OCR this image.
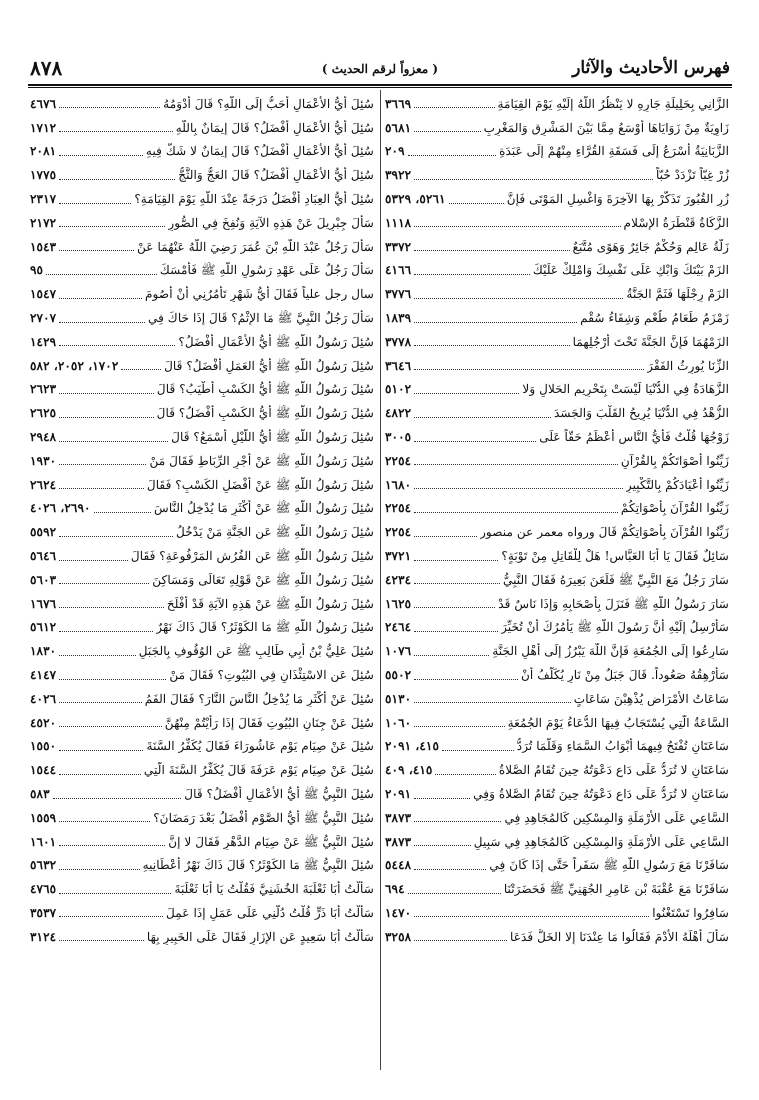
فهرس الأحاديث والآثار
( معزواً لرقم الحديث )
٨٧٨
الزَّانِي بِحَلِيلَةِ جَارِهِ لا يَنْظُرُ اللَّهُ إِلَيْهِ يَوْمَ القِيَامَةِ
٣٦٦٩
زَاوِيَةٌ مِنْ زَوَايَاهَا أَوْسَعُ مِمَّا بَيْنَ المَشْرِقِ وَالمَغْرِبِ
٥٦٨١
الزَّبَانِيَةُ أَسْرَعُ إِلَى فَسَقَةِ القُرَّاءِ مِنْهُمْ إِلَى عَبَدَةِ
٢٠٩
زُرْ غِبّاً تَزْدَدْ حُبّاً
٣٩٢٢
زُرِ القُبُورَ تَذَكَّرْ بِهَا الآخِرَةَ وَاغْسِلِ المَوْتَى فَإِنَّ
٥٢٦١، ٥٣٢٩
الزَّكَاةُ قَنْطَرَةُ الإِسْلامِ
١١١٨
زَلَّةُ عَالِمٍ وَحُكْمٌ جَائِرٌ وَهَوًى مُتَّبَعٌ
٣٣٧٢
الزَمْ بَيْتَكَ وَابْكِ عَلَى نَفْسِكَ وَامْلِكْ عَلَيْكَ
٤١٦٦
الزَمْ رِجْلَهَا فَثَمَّ الجَنَّةُ
٣٧٧٦
زَمْزَمُ طَعَامُ طُعْمٍ وَشِفَاءُ سُقْمٍ
١٨٣٩
الزَمْهُمَا فَإِنَّ الجَنَّةَ تَحْتَ أَرْجُلِهِمَا
٣٧٧٨
الزِّنَا يُورِثُ الفَقْرَ
٣٦٤٦
الزَّهَادَةُ فِي الدُّنْيَا لَيْسَتْ بِتَحْرِيمِ الحَلالِ وَلا
٥١٠٢
الزُّهْدُ فِي الدُّنْيَا يُرِيحُ القَلْبَ وَالجَسَدَ
٤٨٢٢
زَوْجُهَا قُلْتُ فَأَيُّ النَّاسِ أَعْظَمُ حَقّاً عَلَى
٣٠٠٥
زَيِّنُوا أَصْوَاتَكُمْ بِالقُرْآنِ
٢٢٥٤
زَيِّنُوا أَعْيَادَكُمْ بِالتَّكْبِيرِ
١٦٨٠
زَيِّنُوا القُرْآنَ بِأَصْوَاتِكُمْ
٢٢٥٤
زَيِّنُوا القُرْآنَ بِأَصْوَاتِكُمْ قَالَ ورواه معمر عن منصور
٢٢٥٤
سَائِلٌ فَقَالَ يَا أَبَا العَبَّاسِ! هَلْ لِلْقَاتِلِ مِنْ تَوْبَةٍ؟
٣٧٢١
سَارَ رَجُلٌ مَعَ النَّبِيِّ ﷺ فَلَعَنَ بَعِيرَهُ فَقَالَ النَّبِيُّ
٤٢٣٤
سَارَ رَسُولُ اللَّهِ ﷺ فَنَزَلَ بِأَصْحَابِهِ وَإِذَا نَاسٌ قَدْ
١٦٢٥
سَأَرْسِلُ إِلَيْهِ أَنَّ رَسُولَ اللَّهِ ﷺ يَأْمُرُكَ أَنْ تُخَيِّرَ
٢٤٦٤
سَارِعُوا إِلَى الجُمُعَةِ فَإِنَّ اللَّهَ يَبْرُزُ إِلَى أَهْلِ الجَنَّةِ
١٠٧٦
سَأُرْهِقُهُ صَعُوداً. قَالَ جَبَلٌ مِنْ نَارٍ يُكَلَّفُ أَنْ
٥٥٠٢
سَاعَاتُ الأَمْرَاضِ يُذْهِبْنَ سَاعَاتٍ
٥١٣٠
السَّاعَةُ الَّتِي يُسْتَجَابُ فِيهَا الدُّعَاءُ يَوْمَ الجُمُعَةِ
١٠٦٠
سَاعَتَانِ تُفْتَحُ فِيهِمَا أَبْوَابُ السَّمَاءِ وَقَلَّمَا تُرَدُّ
٤١٥، ٢٠٩١
سَاعَتَانِ لا تُرَدُّ عَلَى دَاعٍ دَعْوَتُهُ حِينَ تُقَامُ الصَّلاةُ
٤١٥، ٤٠٩
سَاعَتَانِ لا تُرَدُّ عَلَى دَاعٍ دَعْوَتُهُ حِينَ تُقَامُ الصَّلاةُ وَفِي
٢٠٩١
السَّاعِي عَلَى الأَرْمَلَةِ وَالمِسْكِينِ كَالمُجَاهِدِ فِي
٣٨٧٣
السَّاعِي عَلَى الأَرْمَلَةِ وَالمِسْكِينِ كَالمُجَاهِدِ فِي سَبِيلِ
٣٨٧٣
سَافَرْنَا مَعَ رَسُولِ اللَّهِ ﷺ سَفَراً حَتَّى إِذَا كَانَ فِي
٥٤٤٨
سَافَرْنَا مَعَ عُقْبَةَ بْنِ عَامِرٍ الجُهَنِيِّ ﷺ فَحَضَرَتْنَا
٦٩٤
سَافِرُوا تَسْتَغْنُوا
١٤٧٠
سَأَلَ أَهْلَهُ الأُدْمَ فَقَالُوا مَا عِنْدَنَا إِلا الخَلُّ فَدَعَا
٣٢٥٨
سُئِلَ أَيُّ الأَعْمَالِ أَحَبُّ إِلَى اللَّهِ؟ قَالَ أَدْوَمُهُ
٤٦٧٦
سُئِلَ أَيُّ الأَعْمَالِ أَفْضَلُ؟ قَالَ إِيمَانٌ بِاللَّهِ
١٧١٢
سُئِلَ أَيُّ الأَعْمَالِ أَفْضَلُ؟ قَالَ إِيمَانٌ لا شَكَّ فِيهِ
٢٠٨١
سُئِلَ أَيُّ الأَعْمَالِ أَفْضَلُ؟ قَالَ العَجُّ وَالثَّجُّ
١٧٧٥
سُئِلَ أَيُّ العِبَادِ أَفْضَلُ دَرَجَةً عِنْدَ اللَّهِ يَوْمَ القِيَامَةِ؟
٢٣١٧
سَأَلَ جِبْرِيلَ عَنْ هَذِهِ الآيَةِ وَنُفِخَ فِي الصُّورِ
٢١٧٢
سَأَلَ رَجُلٌ عَبْدَ اللَّهِ بْنَ عُمَرَ رَضِيَ اللَّهُ عَنْهُمَا عَنْ
١٥٤٣
سَأَلَ رَجُلٌ عَلَى عَهْدِ رَسُولِ اللَّهِ ﷺ فَأَمْسَكَ
٩٥
سال رجل علياً فَقَالَ أَيُّ شَهْرٍ تَأْمُرُنِي أَنْ أَصُومَ
١٥٤٧
سَأَلَ رَجُلٌ النَّبِيَّ ﷺ مَا الإِثْمُ؟ قَالَ إِذَا حَاكَ فِي
٢٧٠٧
سُئِلَ رَسُولُ اللَّهِ ﷺ أَيُّ الأَعْمَالِ أَفْضَلُ؟
١٤٢٩
سُئِلَ رَسُولُ اللَّهِ ﷺ أَيُّ العَمَلِ أَفْضَلُ؟ قَالَ
١٧٠٢، ٢٠٥٢، ٥٨٢
سُئِلَ رَسُولُ اللَّهِ ﷺ أَيُّ الكَسْبِ أَطْيَبُ؟ قَالَ
٢٦٢٣
سُئِلَ رَسُولُ اللَّهِ ﷺ أَيُّ الكَسْبِ أَفْضَلُ؟ قَالَ
٢٦٢٥
سُئِلَ رَسُولُ اللَّهِ ﷺ أَيُّ اللَّيْلِ أَسْمَعُ؟ قَالَ
٢٩٤٨
سُئِلَ رَسُولُ اللَّهِ ﷺ عَنْ أَجْرِ الرِّبَاطِ فَقَالَ مَنْ
١٩٣٠
سُئِلَ رَسُولُ اللَّهِ ﷺ عَنْ أَفْضَلِ الكَسْبِ؟ فَقَالَ
٢٦٢٤
سُئِلَ رَسُولُ اللَّهِ ﷺ عَنْ أَكْثَرِ مَا يُدْخِلُ النَّاسَ
٢٦٩٠، ٤٠٢٦
سُئِلَ رَسُولُ اللَّهِ ﷺ عَنِ الجَنَّةِ مَنْ يَدْخُلُ
٥٥٩٢
سُئِلَ رَسُولُ اللَّهِ ﷺ عَنِ الفُرُشِ المَرْفُوعَةِ؟ فَقَالَ
٥٦٤٦
سُئِلَ رَسُولُ اللَّهِ ﷺ عَنْ قَوْلِهِ تَعَالَى وَمَسَاكِنَ
٥٦٠٣
سُئِلَ رَسُولُ اللَّهِ ﷺ عَنْ هَذِهِ الآيَةِ قَدْ أَفْلَحَ
١٦٧٦
سُئِلَ رَسُولُ اللَّهِ ﷺ مَا الكَوْثَرُ؟ قَالَ ذَاكَ نَهْرٌ
٥٦١٢
سُئِلَ عَلِيُّ بْنُ أَبِي طَالِبٍ ﷺ عَنِ الوُقُوفِ بِالجَبَلِ
١٨٣٠
سُئِلَ عَنِ الاسْتِئْذَانِ فِي البُيُوتِ؟ فَقَالَ مَنْ
٤١٤٧
سُئِلَ عَنْ أَكْثَرِ مَا يُدْخِلُ النَّاسَ النَّارَ؟ فَقَالَ الفَمُ
٤٠٢٦
سُئِلَ عَنْ جِنَانِ البُيُوتِ فَقَالَ إِذَا رَأَيْتُمْ مِنْهُنَّ
٤٥٢٠
سُئِلَ عَنْ صِيَامِ يَوْمِ عَاشُورَاءَ فَقَالَ يُكَفِّرُ السَّنَةَ
١٥٥٠
سُئِلَ عَنْ صِيَامِ يَوْمِ عَرَفَةَ قَالَ يُكَفِّرُ السَّنَةَ الَّتِي
١٥٤٤
سُئِلَ النَّبِيُّ ﷺ أَيُّ الأَعْمَالِ أَفْضَلُ؟ قَالَ
٥٨٣
سُئِلَ النَّبِيُّ ﷺ أَيُّ الصَّوْمِ أَفْضَلُ بَعْدَ رَمَضَانَ؟
١٥٥٩
سُئِلَ النَّبِيُّ ﷺ عَنْ صِيَامِ الدَّهْرِ فَقَالَ لا إِنَّ
١٦٠١
سُئِلَ النَّبِيُّ ﷺ مَا الكَوْثَرُ؟ قَالَ ذَاكَ نَهْرٌ أَعْطَانِيهِ
٥٦٣٢
سَأَلْتُ أَبَا ثَعْلَبَةَ الخُشَنِيَّ فَقُلْتُ يَا أَبَا ثَعْلَبَةَ
٤٧٦٥
سَأَلْتُ أَبَا ذَرٍّ قُلْتُ دُلَّنِي عَلَى عَمَلٍ إِذَا عَمِلَ
٣٥٣٧
سَأَلْتُ أَبَا سَعِيدٍ عَنِ الإِزَارِ فَقَالَ عَلَى الخَبِيرِ بِهَا
٣١٢٤
